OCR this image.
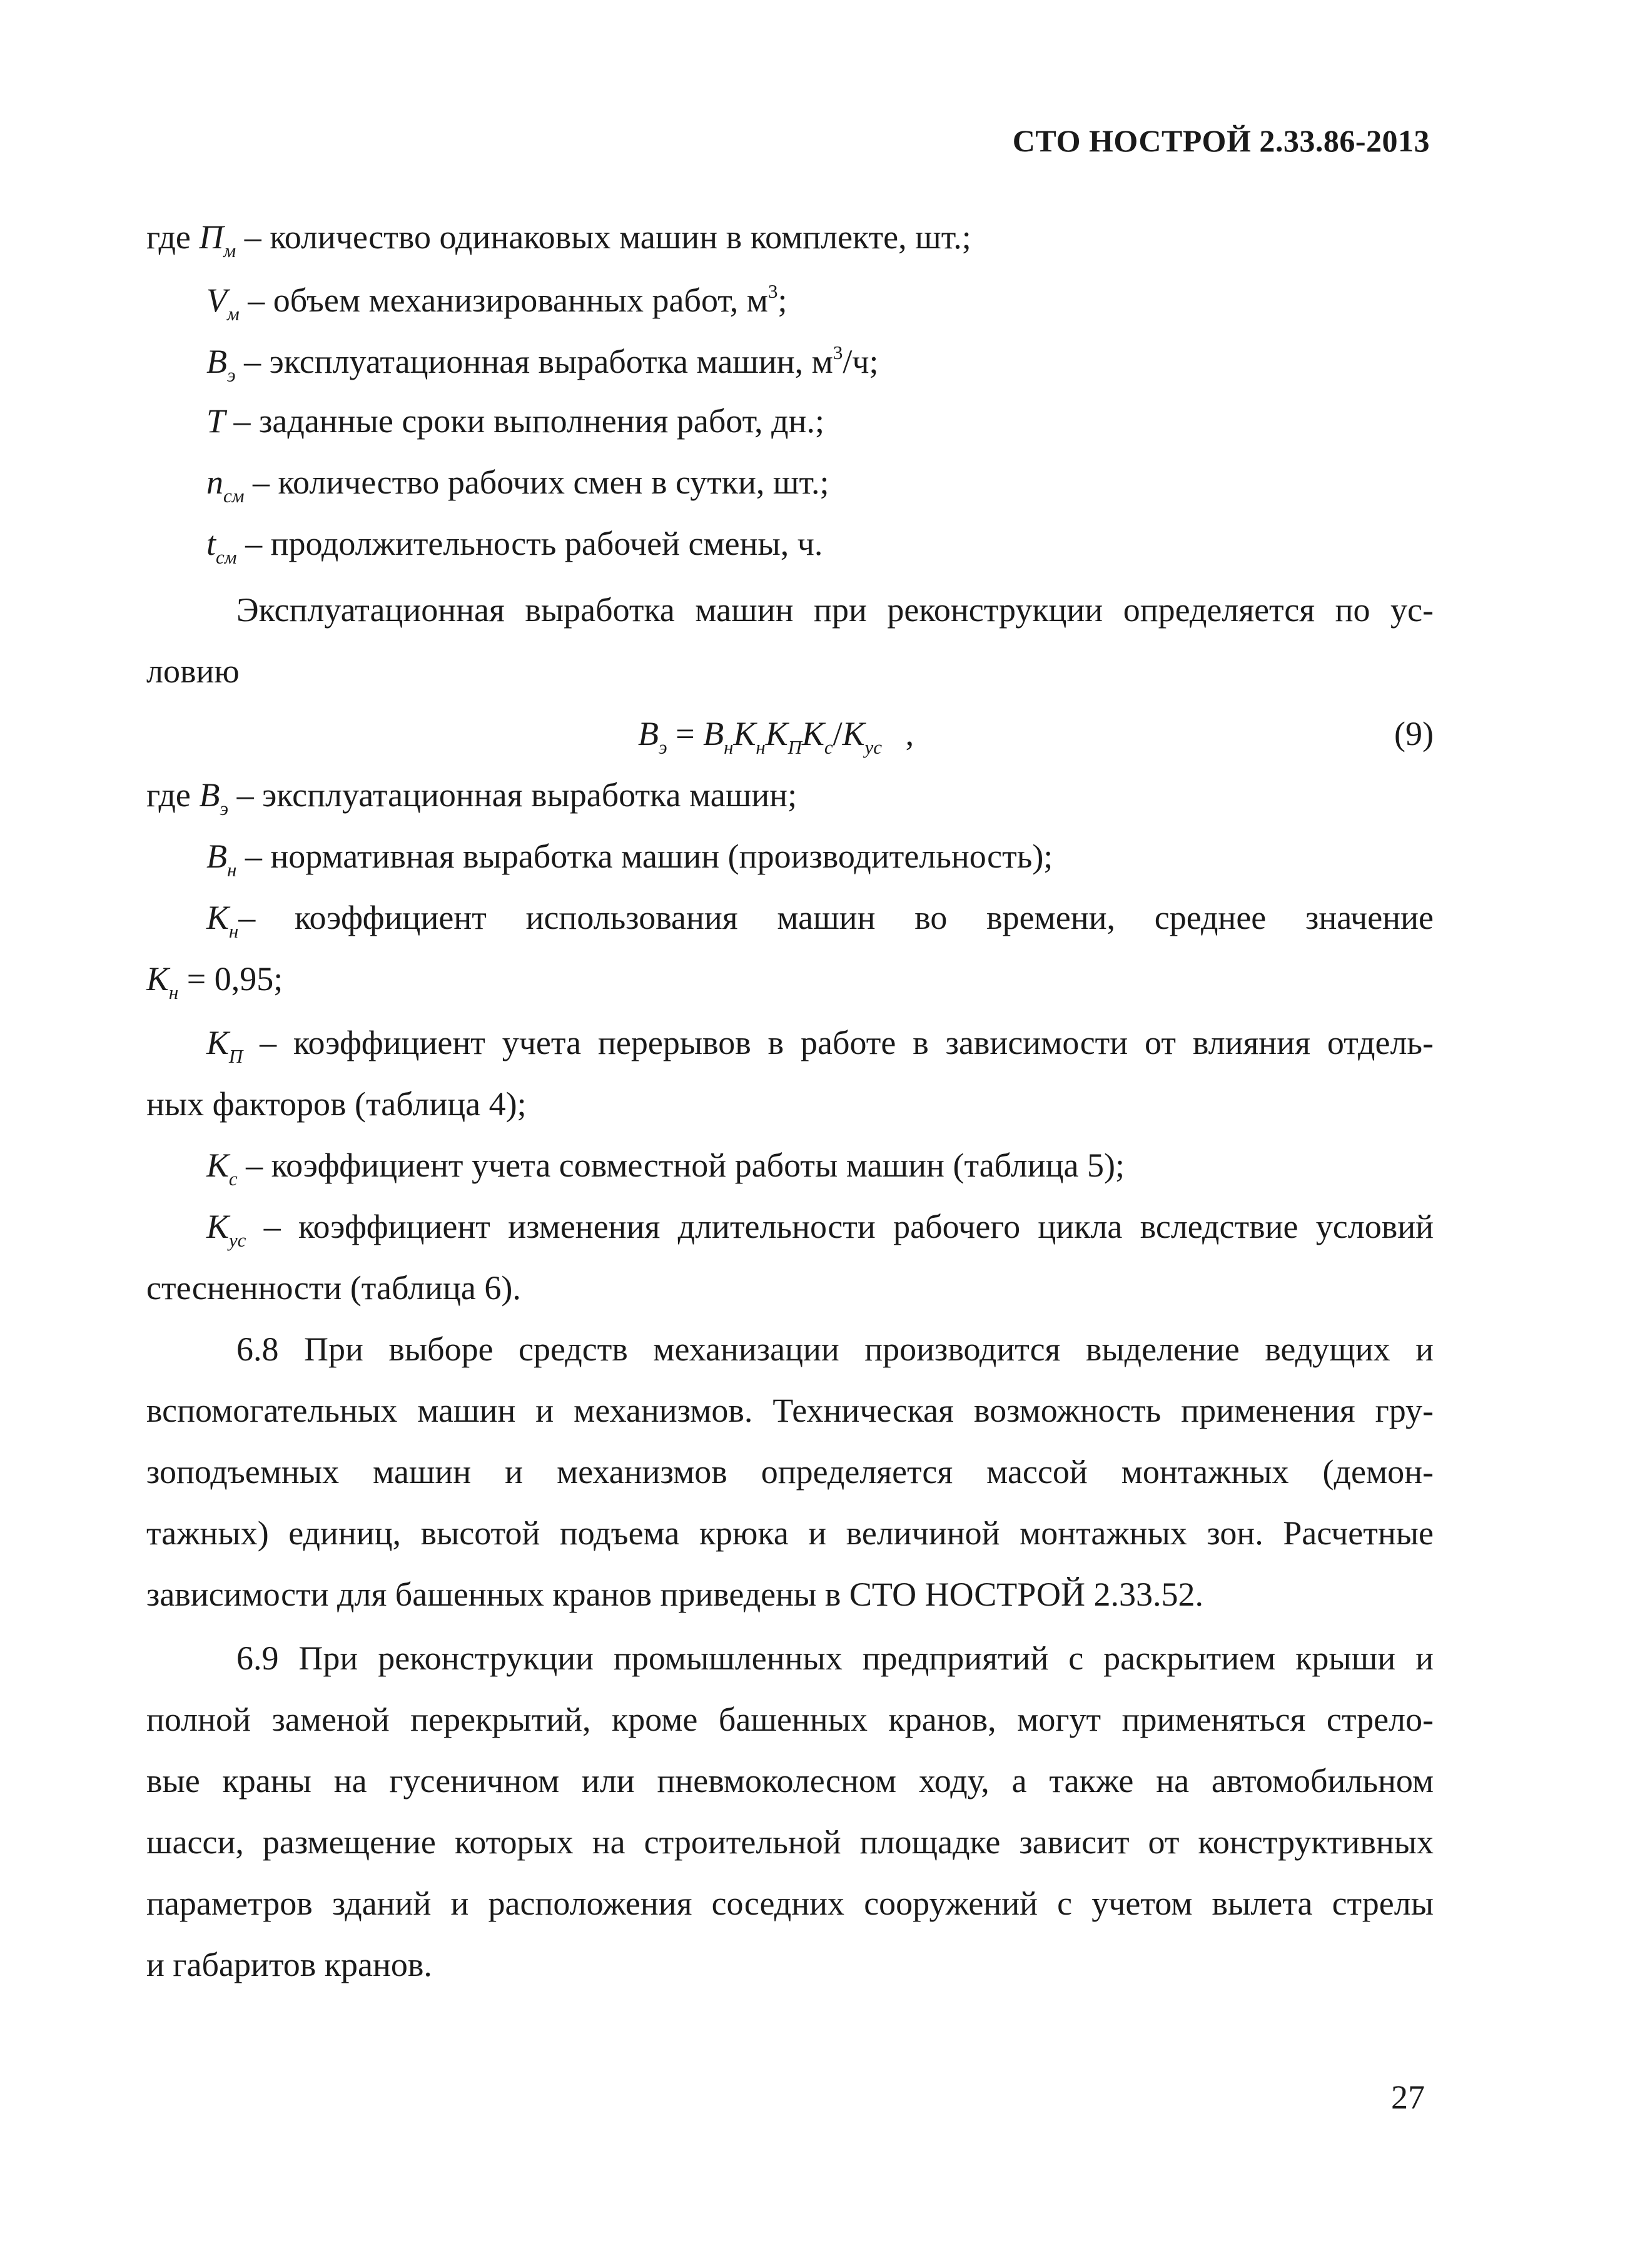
СТО НОСТРОЙ 2.33.86-2013
где $П_м$ – количество одинаковых машин в комплекте, шт.;
$V_м$ – объем механизированных работ, $м^3$;
$В_э$ – эксплуатационная выработка машин, $м^3/ч$;
T – заданные сроки выполнения работ, дн.;
$n_{см}$ – количество рабочих смен в сутки, шт.;
$t_{см}$ – продолжительность рабочей смены, ч.
Эксплуатационная выработка машин при реконструкции определяется по ус-
ловию
$В_э = В_нК_нК_ПК_с/К_{ус}$ ,	(9)
где $В_э$ – эксплуатационная выработка машин;
$В_н$ – нормативная выработка машин (производительность);
$К_н-$ коэффициент использования машин во времени, среднее значение
$К_н = 0,95$;
$К_П$ – коэффициент учета перерывов в работе в зависимости от влияния отдель-
ных факторов (таблица 4);
$К_с$ – коэффициент учета совместной работы машин (таблица 5);
$К_{ус}$ – коэффициент изменения длительности рабочего цикла вследствие условий
стесненности (таблица 6).
6.8 При выборе средств механизации производится выделение ведущих и
вспомогательных машин и механизмов. Техническая возможность применения гру-
зоподъемных машин и механизмов определяется массой монтажных (демон-
тажных) единиц, высотой подъема крюка и величиной монтажных зон. Расчетные
зависимости для башенных кранов приведены в СТО НОСТРОЙ 2.33.52.
6.9 При реконструкции промышленных предприятий с раскрытием крыши и
полной заменой перекрытий, кроме башенных кранов, могут применяться стрело-
вые краны на гусеничном или пневмоколесном ходу, а также на автомобильном
шасси, размещение которых на строительной площадке зависит от конструктивных
параметров зданий и расположения соседних сооружений с учетом вылета стрелы
и габаритов кранов.
27
